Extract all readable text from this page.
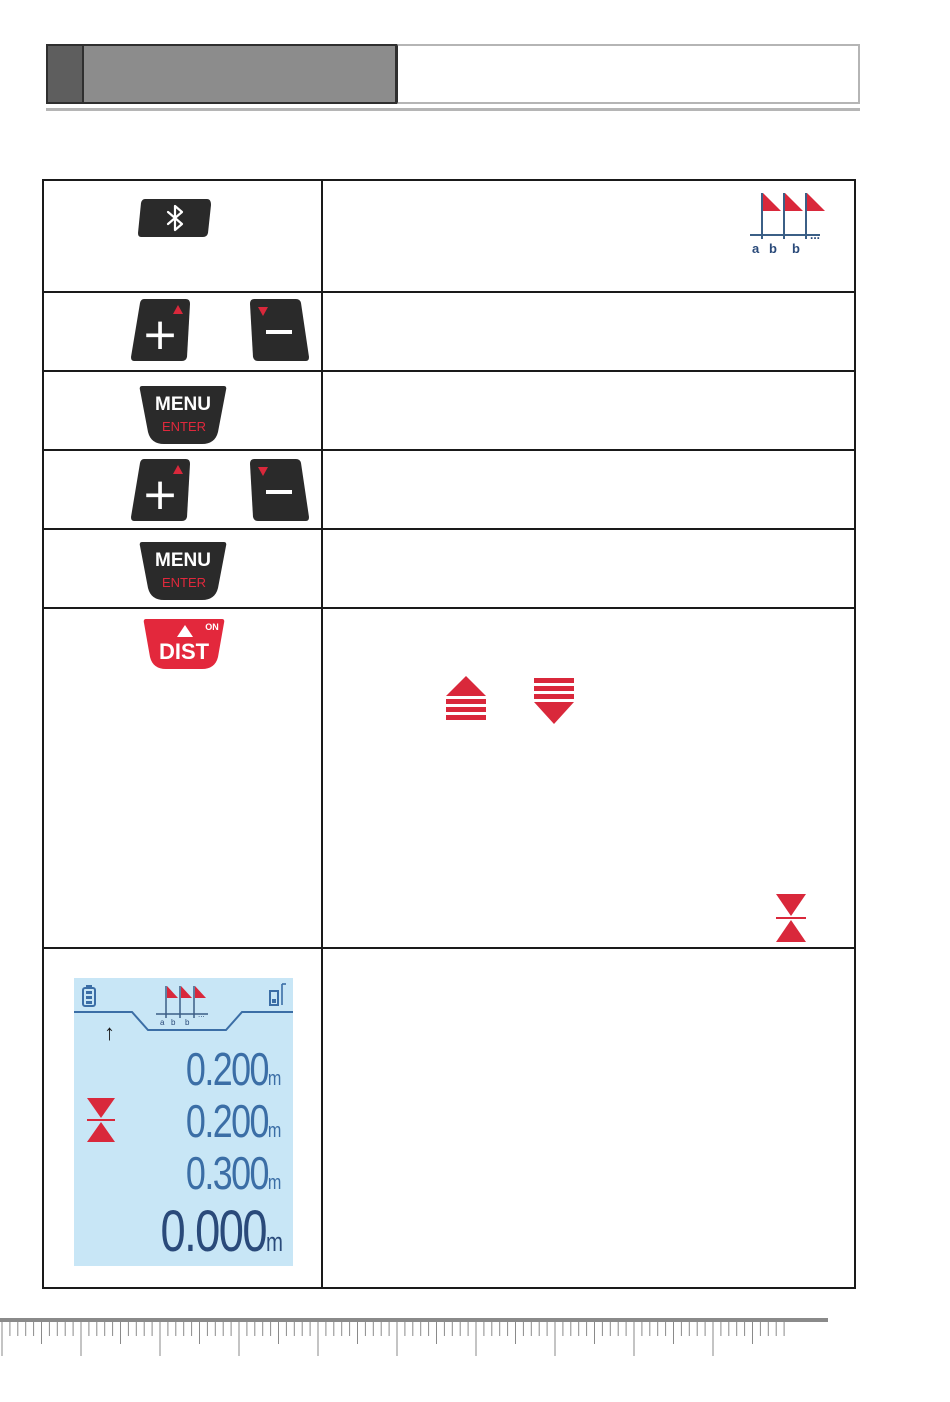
a b b
...
+
MENU
ENTER
+
MENU
ENTER
ON
DIST
a b b
...
↑
0.200m
0.200m
0.300m
0.000m
